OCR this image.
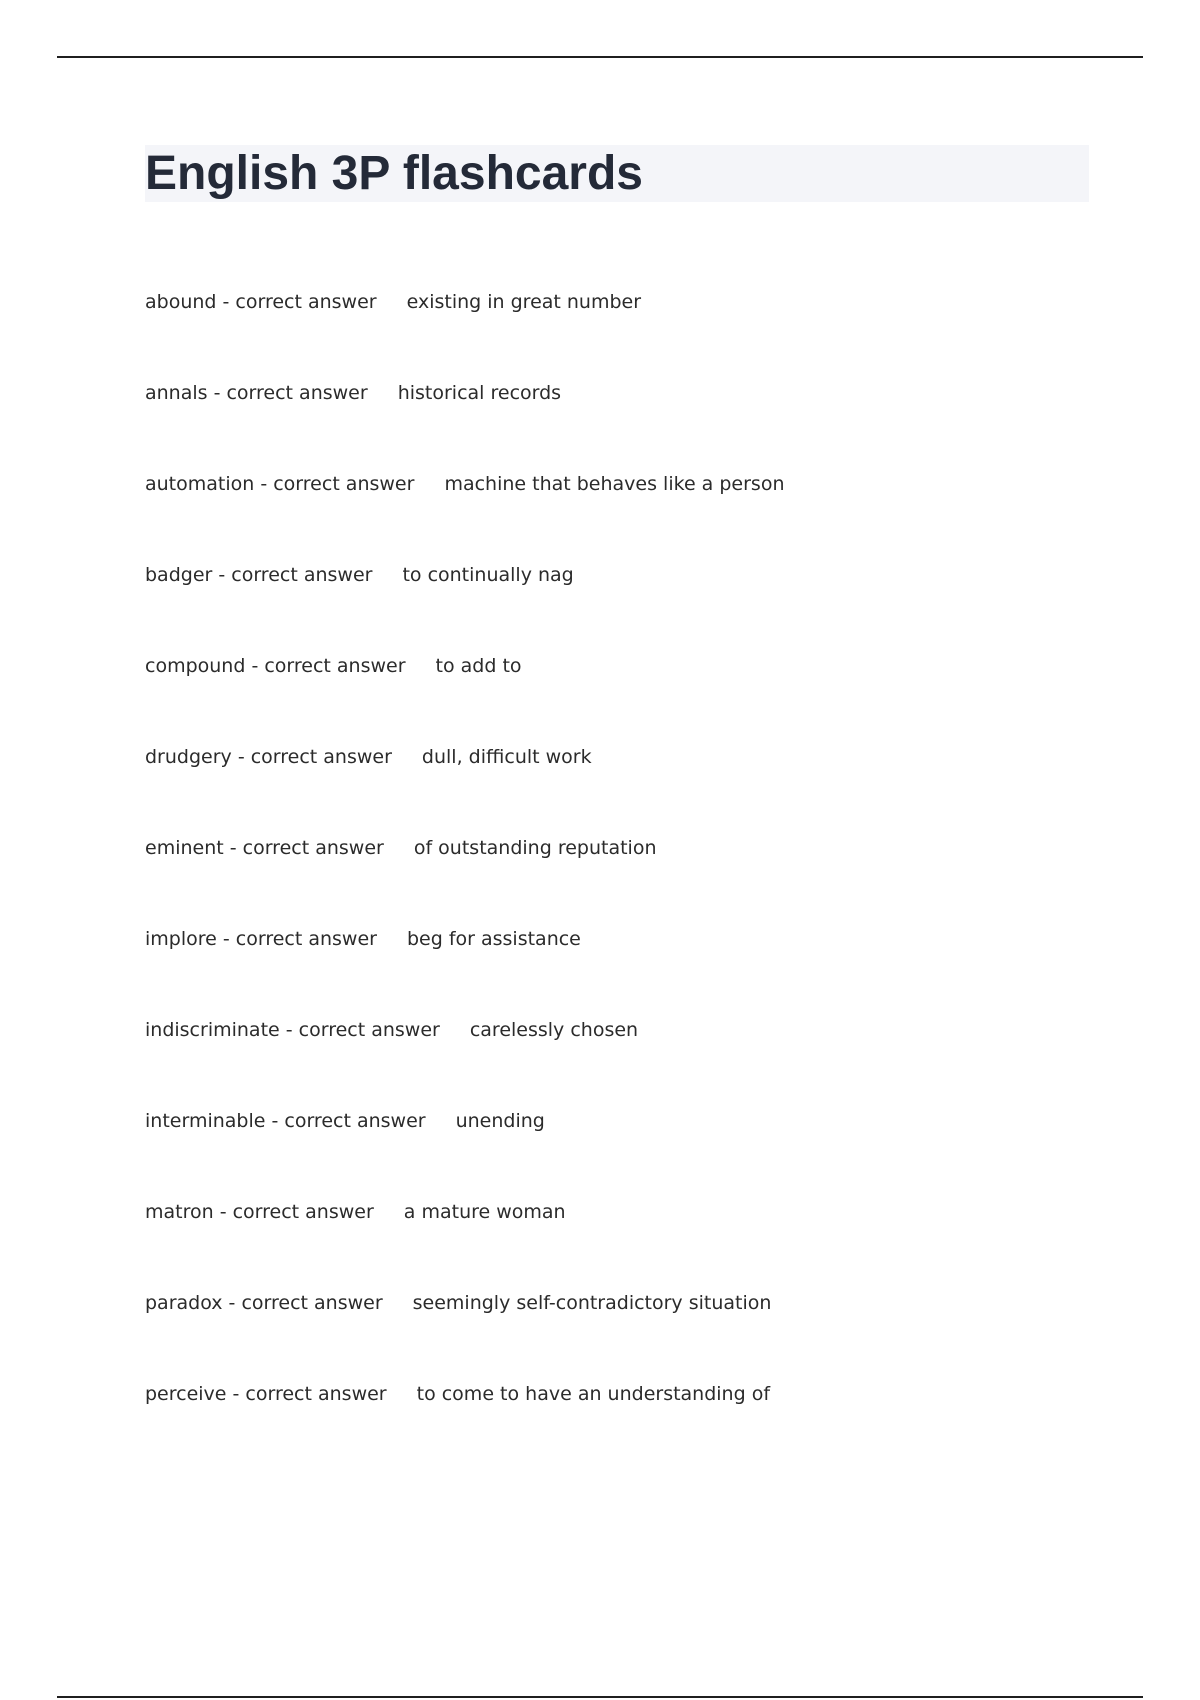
English 3P flashcards
abound - correct answer existing in great number
annals - correct answer historical records
automation - correct answer machine that behaves like a person
badger - correct answer to continually nag
compound - correct answer to add to
drudgery - correct answer dull, difficult work
eminent - correct answer of outstanding reputation
implore - correct answer beg for assistance
indiscriminate - correct answer carelessly chosen
interminable - correct answer unending
matron - correct answer a mature woman
paradox - correct answer seemingly self-contradictory situation
perceive - correct answer to come to have an understanding of
